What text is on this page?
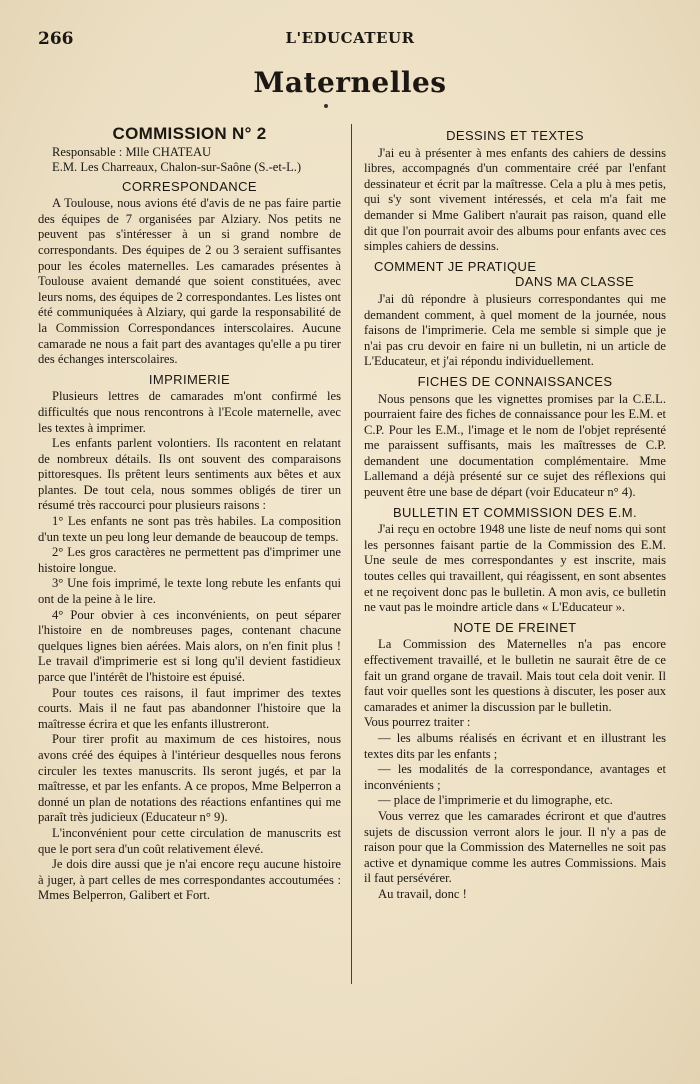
266	L'EDUCATEUR
Maternelles
COMMISSION N° 2

Responsable : Mlle CHATEAU

E.M. Les Charreaux, Chalon-sur-Saône (S.-et-L.)

CORRESPONDANCE

A Toulouse, nous avions été d'avis de ne pas faire partie des équipes de 7 organisées par Alziary. Nos petits ne peuvent pas s'intéresser à un si grand nombre de correspondants. Des équipes de 2 ou 3 seraient suffisantes pour les écoles maternelles. Les camarades présentes à Toulouse avaient demandé que soient constituées, avec leurs noms, des équipes de 2 correspondantes. Les listes ont été communiquées à Alziary, qui garde la responsabilité de la Commission Correspondances interscolaires. Aucune camarade ne nous a fait part des avantages qu'elle a pu tirer des échanges interscolaires.

IMPRIMERIE

Plusieurs lettres de camarades m'ont confirmé les difficultés que nous rencontrons à l'Ecole maternelle, avec les textes à imprimer.

Les enfants parlent volontiers. Ils racontent en relatant de nombreux détails. Ils ont souvent des comparaisons pittoresques. Ils prêtent leurs sentiments aux bêtes et aux plantes. De tout cela, nous sommes obligés de tirer un résumé très raccourci pour plusieurs raisons :

1° Les enfants ne sont pas très habiles. La composition d'un texte un peu long leur demande de beaucoup de temps.

2° Les gros caractères ne permettent pas d'imprimer une histoire longue.

3° Une fois imprimé, le texte long rebute les enfants qui ont de la peine à le lire.

4° Pour obvier à ces inconvénients, on peut séparer l'histoire en de nombreuses pages, contenant chacune quelques lignes bien aérées. Mais alors, on n'en finit plus ! Le travail d'imprimerie est si long qu'il devient fastidieux parce que l'intérêt de l'histoire est épuisé.

Pour toutes ces raisons, il faut imprimer des textes courts. Mais il ne faut pas abandonner l'histoire que la maîtresse écrira et que les enfants illustreront.

Pour tirer profit au maximum de ces histoires, nous avons créé des équipes à l'intérieur desquelles nous ferons circuler les textes manuscrits. Ils seront jugés, et par la maîtresse, et par les enfants. A ce propos, Mme Belperron a donné un plan de notations des réactions enfantines qui me paraît très judicieux (Educateur n° 9).

L'inconvénient pour cette circulation de manuscrits est que le port sera d'un coût relativement élevé.

Je dois dire aussi que je n'ai encore reçu aucune histoire à juger, à part celles de mes correspondantes accoutumées : Mmes Belperron, Galibert et Fort.

DESSINS ET TEXTES

J'ai eu à présenter à mes enfants des cahiers de dessins libres, accompagnés d'un commentaire créé par l'enfant dessinateur et écrit par la maîtresse. Cela a plu à mes petis, qui s'y sont vivement intéressés, et cela m'a fait me demander si Mme Galibert n'aurait pas raison, quand elle dit que l'on pourrait avoir des albums pour enfants avec ces simples cahiers de dessins.

COMMENT JE PRATIQUE
DANS MA CLASSE

J'ai dû répondre à plusieurs correspondantes qui me demandent comment, à quel moment de la journée, nous faisons de l'imprimerie. Cela me semble si simple que je n'ai pas cru devoir en faire ni un bulletin, ni un article de L'Educateur, et j'ai répondu individuellement.

FICHES DE CONNAISSANCES

Nous pensons que les vignettes promises par la C.E.L. pourraient faire des fiches de connaissance pour les E.M. et C.P. Pour les E.M., l'image et le nom de l'objet représenté me paraissent suffisants, mais les maîtresses de C.P. demandent une documentation complémentaire. Mme Lallemand a déjà présenté sur ce sujet des réflexions qui peuvent être une base de départ (voir Educateur n° 4).

BULLETIN ET COMMISSION DES E.M.

J'ai reçu en octobre 1948 une liste de neuf noms qui sont les personnes faisant partie de la Commission des E.M. Une seule de mes correspondantes y est inscrite, mais toutes celles qui travaillent, qui réagissent, en sont absentes et ne reçoivent donc pas le bulletin. A mon avis, ce bulletin ne vaut pas le moindre article dans « L'Educateur ».

NOTE DE FREINET

La Commission des Maternelles n'a pas encore effectivement travaillé, et le bulletin ne saurait être de ce fait un grand organe de travail. Mais tout cela doit venir. Il faut voir quelles sont les questions à discuter, les poser aux camarades et animer la discussion par le bulletin.

Vous pourrez traiter :

— les albums réalisés en écrivant et en illustrant les textes dits par les enfants ;

— les modalités de la correspondance, avantages et inconvénients ;

— place de l'imprimerie et du limographe, etc.

Vous verrez que les camarades écriront et que d'autres sujets de discussion verront alors le jour. Il n'y a pas de raison pour que la Commission des Maternelles ne soit pas active et dynamique comme les autres Commissions. Mais il faut persévérer.

Au travail, donc !
